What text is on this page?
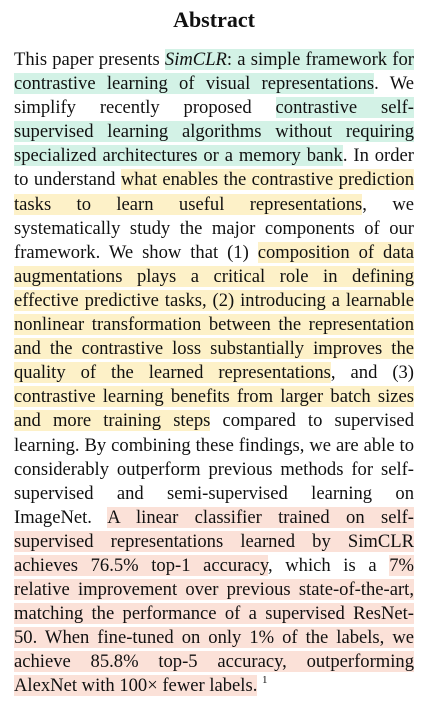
Abstract

This paper presents SimCLR: a simple framework for contrastive learning of visual representations. We simplify recently proposed contrastive self-supervised learning algorithms without requiring specialized architectures or a memory bank. In order to understand what enables the contrastive prediction tasks to learn useful representations, we systematically study the major components of our framework. We show that (1) composition of data augmentations plays a critical role in defining effective predictive tasks, (2) introducing a learnable nonlinear transformation between the representation and the contrastive loss substantially improves the quality of the learned representations, and (3) contrastive learning benefits from larger batch sizes and more training steps compared to supervised learning. By combining these findings, we are able to considerably outperform previous methods for self-supervised and semi-supervised learning on ImageNet. A linear classifier trained on self-supervised representations learned by SimCLR achieves 76.5% top-1 accuracy, which is a 7% relative improvement over previous state-of-the-art, matching the performance of a supervised ResNet-50. When fine-tuned on only 1% of the labels, we achieve 85.8% top-5 accuracy, outperforming AlexNet with 100× fewer labels. $^1$
